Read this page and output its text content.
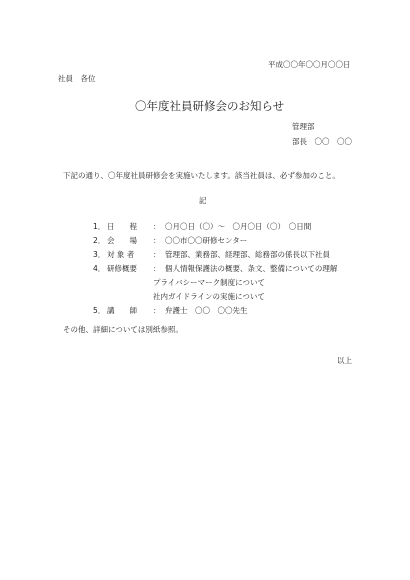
平成〇〇年〇〇月〇〇日
社員　各位
〇年度社員研修会のお知らせ
管理部
部長　〇〇　〇〇
下記の通り、〇年度社員研修会を実施いたします。該当社員は、必ず参加のこと。
記
1． 日　　程 ： 〇月〇日（〇）～　〇月〇日（〇）　〇日間
2． 会　　場 ： 〇〇市〇〇研修センター
3． 対 象 者 ： 管理部、業務部、経理部、総務部の係長以下社員
4． 研修概要 ： 個人情報保護法の概要、条文、整備についての理解
プライバシーマーク制度について
社内ガイドラインの実施について
5． 講　　師 ： 弁護士　〇〇　〇〇先生
その他、詳細については別紙参照。
以上
